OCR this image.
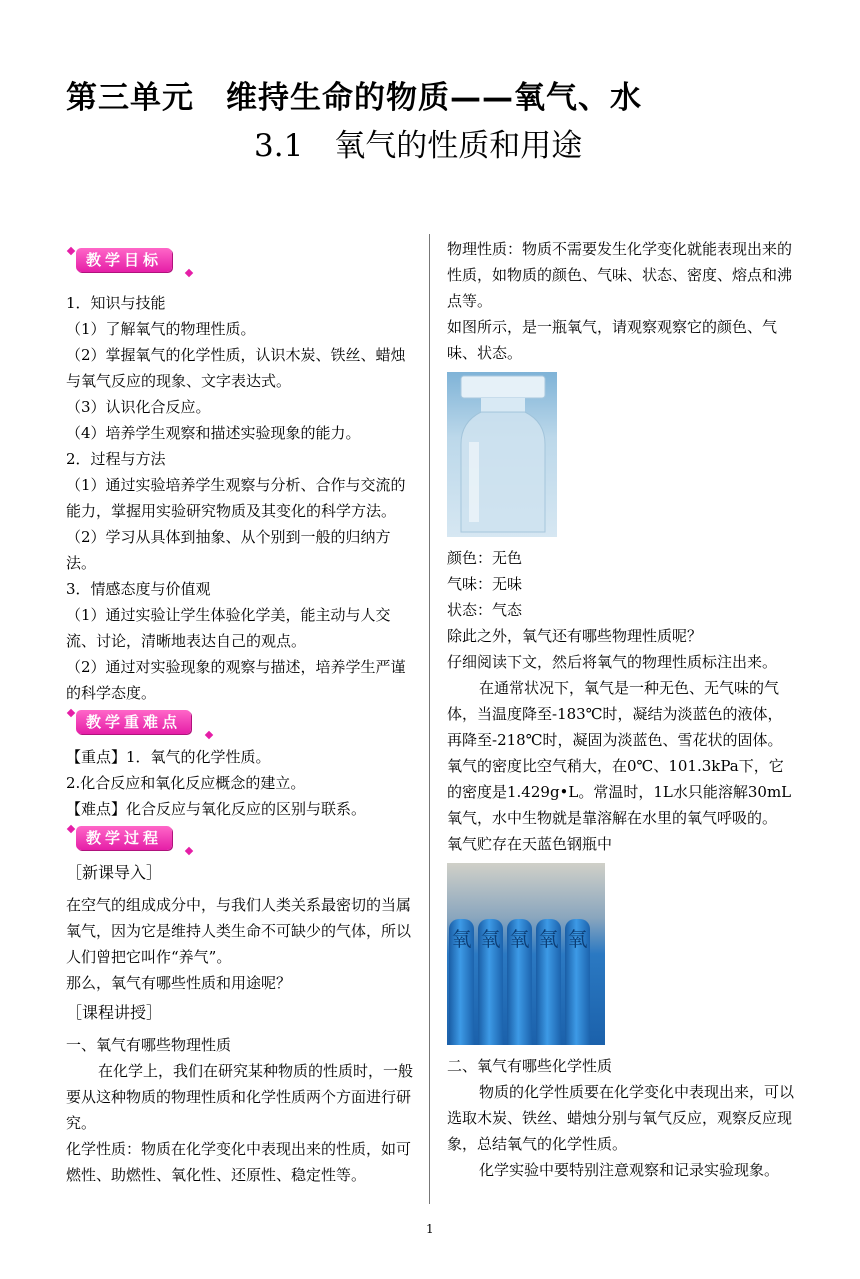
第三单元　维持生命的物质——氧气、水
3.1　氧气的性质和用途
教学目标

1．知识与技能

（1）了解氧气的物理性质。

（2）掌握氧气的化学性质，认识木炭、铁丝、蜡烛与氧气反应的现象、文字表达式。

（3）认识化合反应。

（4）培养学生观察和描述实验现象的能力。

2．过程与方法

（1）通过实验培养学生观察与分析、合作与交流的能力，掌握用实验研究物质及其变化的科学方法。

（2）学习从具体到抽象、从个别到一般的归纳方法。

3．情感态度与价值观

（1）通过实验让学生体验化学美，能主动与人交流、讨论，清晰地表达自己的观点。

（2）通过对实验现象的观察与描述，培养学生严谨的科学态度。

教学重难点

【重点】1．氧气的化学性质。

2.化合反应和氧化反应概念的建立。

【难点】化合反应与氧化反应的区别与联系。

教学过程
［新课导入］

在空气的组成成分中，与我们人类关系最密切的当属氧气，因为它是维持人类生命不可缺少的气体，所以人们曾把它叫作“养气”。

那么，氧气有哪些性质和用途呢？

［课程讲授］

一、氧气有哪些物理性质

在化学上，我们在研究某种物质的性质时，一般要从这种物质的物理性质和化学性质两个方面进行研究。

化学性质：物质在化学变化中表现出来的性质，如可燃性、助燃性、氧化性、还原性、稳定性等。

物理性质：物质不需要发生化学变化就能表现出来的性质，如物质的颜色、气味、状态、密度、熔点和沸点等。

如图所示，是一瓶氧气，请观察观察它的颜色、气味、状态。

颜色：无色

气味：无味

状态：气态

除此之外，氧气还有哪些物理性质呢？

仔细阅读下文，然后将氧气的物理性质标注出来。

在通常状况下，氧气是一种无色、无气味的气体，当温度降至-183℃时，凝结为淡蓝色的液体，再降至-218℃时，凝固为淡蓝色、雪花状的固体。氧气的密度比空气稍大，在0℃、101.3kPa下，它的密度是1.429g•L。常温时，1L水只能溶解30mL氧气，水中生物就是靠溶解在水里的氧气呼吸的。

氧气贮存在天蓝色钢瓶中

氧 氧 氧 氧 氧

二、氧气有哪些化学性质

物质的化学性质要在化学变化中表现出来，可以选取木炭、铁丝、蜡烛分别与氧气反应，观察反应现象，总结氧气的化学性质。

化学实验中要特别注意观察和记录实验现象。

1
